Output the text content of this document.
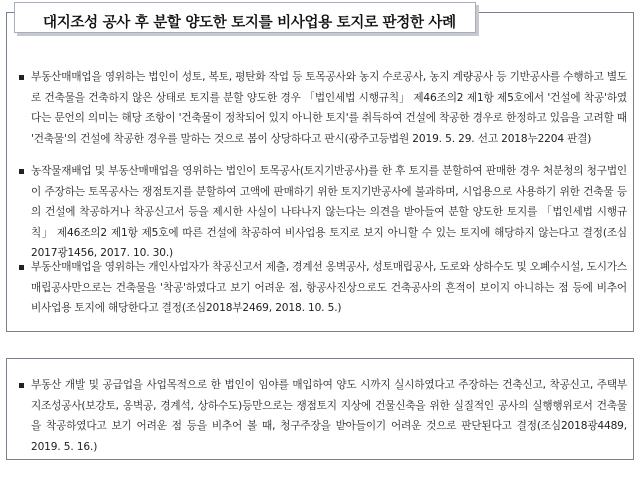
부동산매매업을 영위하는 법인이 성토, 복토, 평탄화 작업 등 토목공사와 농지 수로공사, 농지 계량공사 등 기반공사를 수행하고 별도로 건축물을 건축하지 않은 상태로 토지를 분할 양도한 경우 「법인세법 시행규칙」 제46조의2 제1항 제5호에서 '건설에 착공'하였다는 문언의 의미는 해당 조항이 '건축물이 정착되어 있지 아니한 토지'를 취득하여 건설에 착공한 경우로 한정하고 있음을 고려할 때 '건축물'의 건설에 착공한 경우를 말하는 것으로 봄이 상당하다고 판시(광주고등법원 2019. 5. 29. 선고 2018누2204 판결)
농작물재배업 및 부동산매매업을 영위하는 법인이 토목공사(토지기반공사)를 한 후 토지를 분할하여 판매한 경우 처분청의 청구법인이 주장하는 토목공사는 쟁점토지를 분할하여 고액에 판매하기 위한 토지기반공사에 불과하며, 시업용으로 사용하기 위한 건축물 등의 건설에 착공하거나 착공신고서 등을 제시한 사실이 나타나지 않는다는 의견을 받아들여 분할 양도한 토지를 「법인세법 시행규칙」 제46조의2 제1항 제5호에 따른 건설에 착공하여 비사업용 토지로 보지 아니할 수 있는 토지에 해당하지 않는다고 결정(조심2017광1456, 2017. 10. 30.)
부동산매매업을 영위하는 개인사업자가 착공신고서 제출, 경계선 옹벽공사, 성토매립공사, 도로와 상하수도 및 오폐수시설, 도시가스매립공사만으로는 건축물을 '착공'하였다고 보기 어려운 점, 항공사진상으로도 건축공사의 흔적이 보이지 아니하는 점 등에 비추어 비사업용 토지에 해당한다고 결정(조심2018부2469, 2018. 10. 5.)
대지조성 공사 후 분할 양도한 토지를 비사업용 토지로 판정한 사례
부동산 개발 및 공급업을 사업목적으로 한 법인이 임야를 매입하여 양도 시까지 실시하였다고 주장하는 건축신고, 착공신고, 주택부지조성공사(보강토, 옹벽공, 경계석, 상하수도)등만으로는 쟁점토지 지상에 건물신축을 위한 실질적인 공사의 실행행위로서 건축물을 착공하였다고 보기 어려운 점 등을 비추어 볼 때, 청구주장을 받아들이기 어려운 것으로 판단된다고 결정(조심2018광4489, 2019. 5. 16.)
